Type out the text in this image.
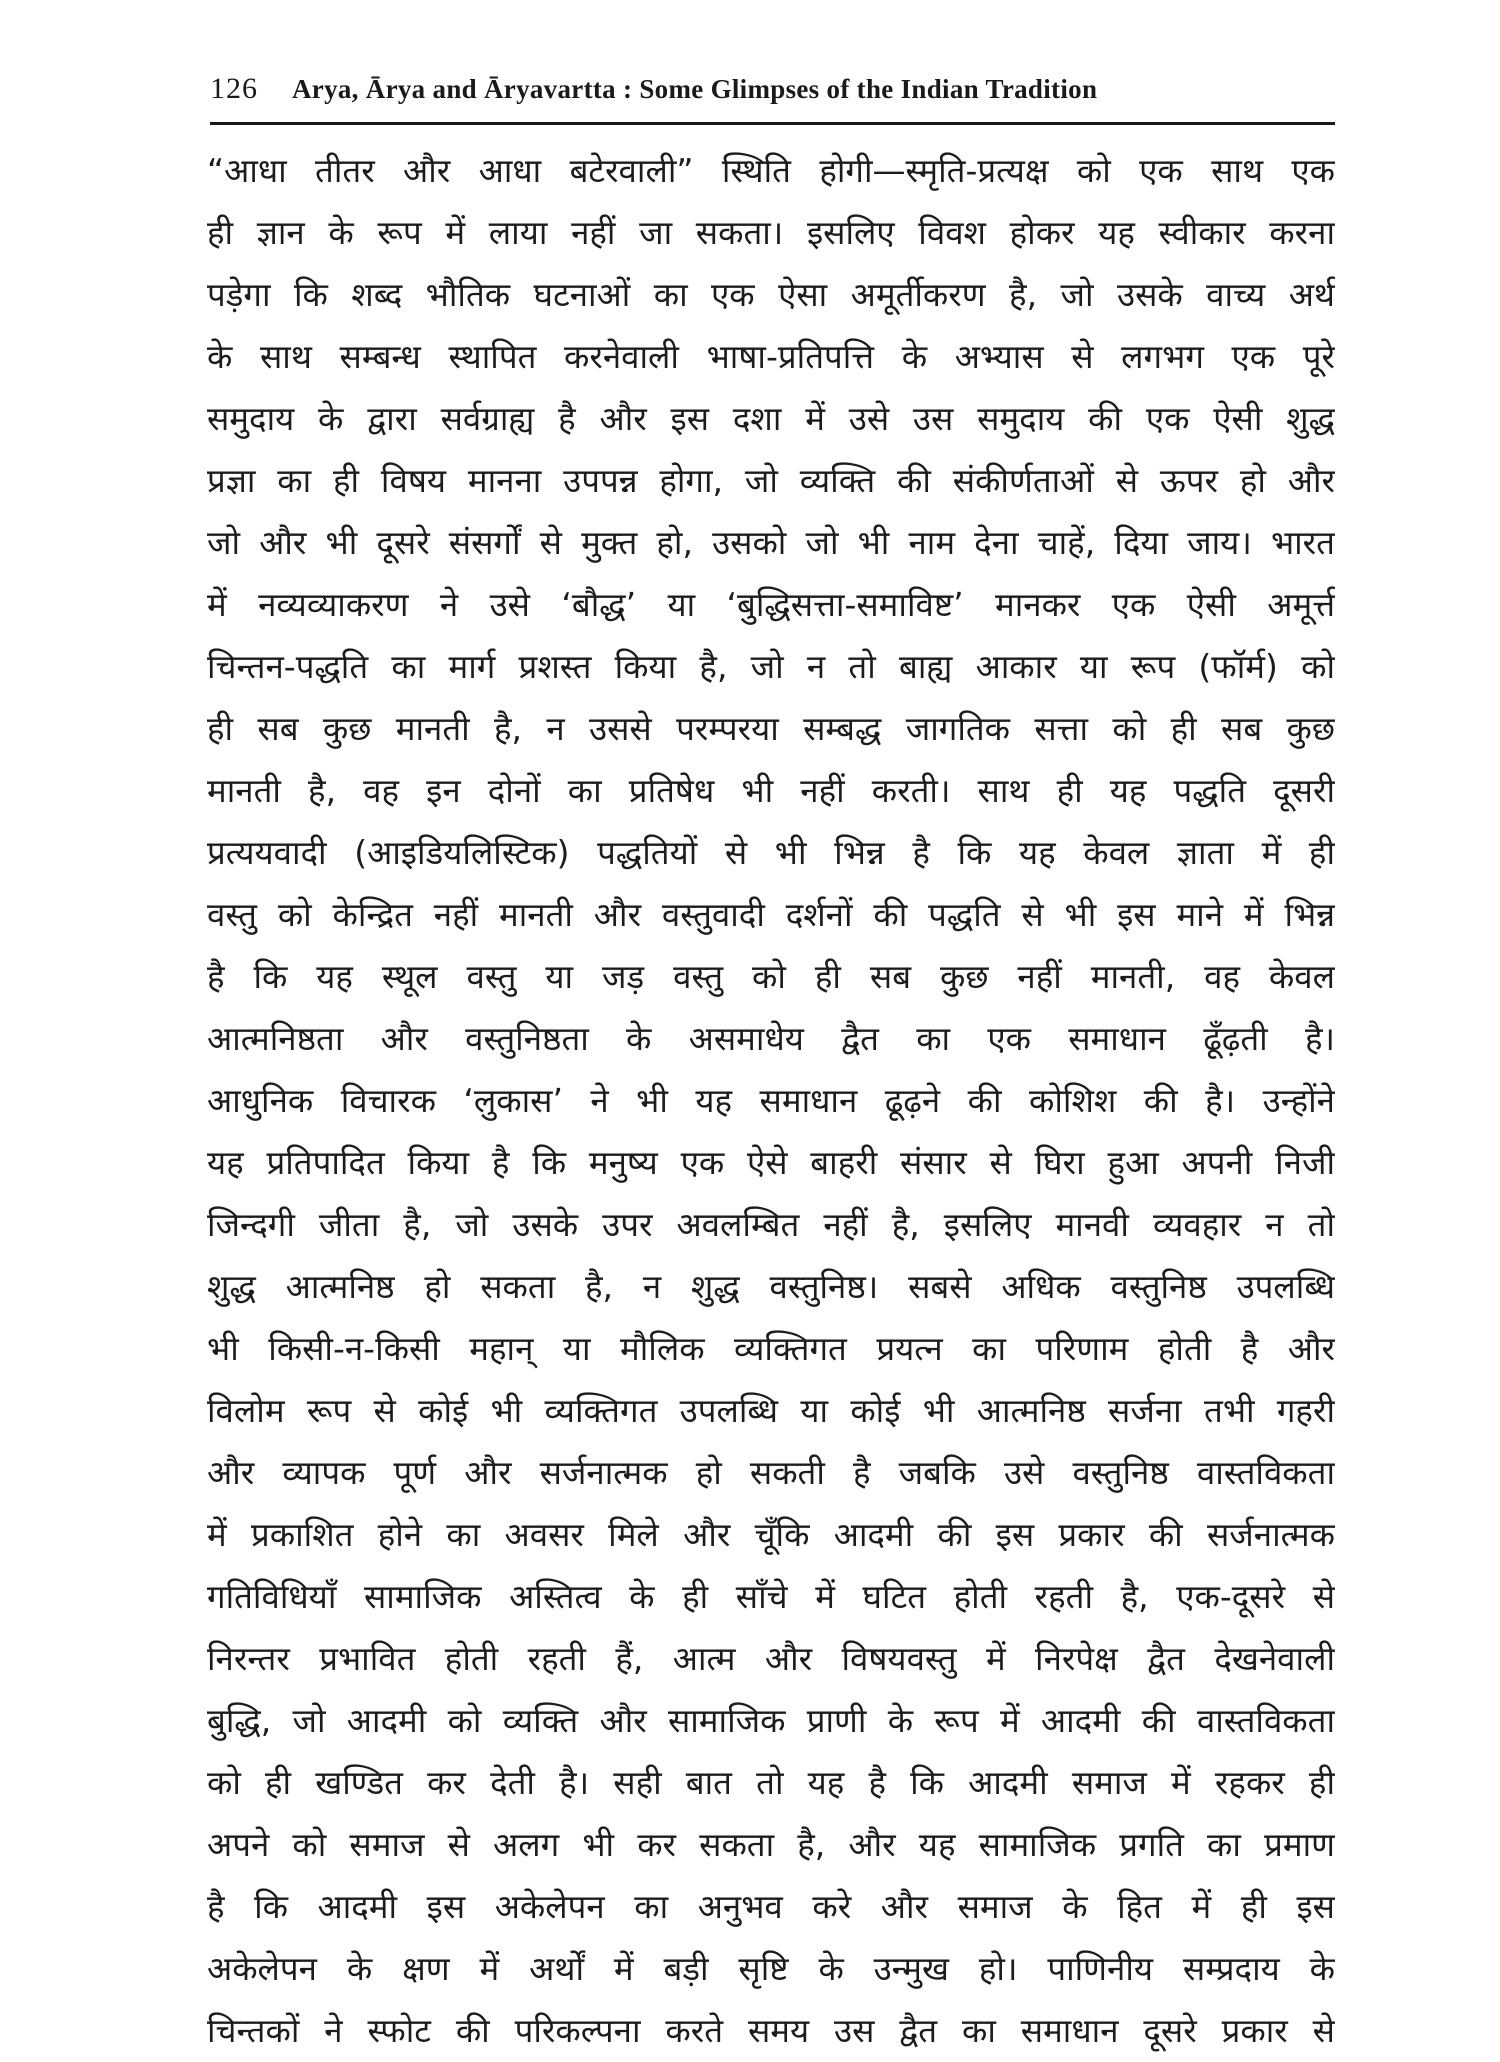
126 Arya, Ārya and Āryavartta : Some Glimpses of the Indian Tradition
“आधा तीतर और आधा बटेरवाली” स्थिति होगी—स्मृति-प्रत्यक्ष को एक साथ एक
ही ज्ञान के रूप में लाया नहीं जा सकता। इसलिए विवश होकर यह स्वीकार करना
पड़ेगा कि शब्द भौतिक घटनाओं का एक ऐसा अमूर्तीकरण है, जो उसके वाच्य अर्थ
के साथ सम्बन्ध स्थापित करनेवाली भाषा-प्रतिपत्ति के अभ्यास से लगभग एक पूरे
समुदाय के द्वारा सर्वग्राह्य है और इस दशा में उसे उस समुदाय की एक ऐसी शुद्ध
प्रज्ञा का ही विषय मानना उपपन्न होगा, जो व्यक्ति की संकीर्णताओं से ऊपर हो और
जो और भी दूसरे संसर्गों से मुक्त हो, उसको जो भी नाम देना चाहें, दिया जाय। भारत
में नव्यव्याकरण ने उसे ‘बौद्ध’ या ‘बुद्धिसत्ता-समाविष्ट’ मानकर एक ऐसी अमूर्त्त
चिन्तन-पद्धति का मार्ग प्रशस्त किया है, जो न तो बाह्य आकार या रूप (फॉर्म) को
ही सब कुछ मानती है, न उससे परम्परया सम्बद्ध जागतिक सत्ता को ही सब कुछ
मानती है, वह इन दोनों का प्रतिषेध भी नहीं करती। साथ ही यह पद्धति दूसरी
प्रत्ययवादी (आइडियलिस्टिक) पद्धतियों से भी भिन्न है कि यह केवल ज्ञाता में ही
वस्तु को केन्द्रित नहीं मानती और वस्तुवादी दर्शनों की पद्धति से भी इस माने में भिन्न
है कि यह स्थूल वस्तु या जड़ वस्तु को ही सब कुछ नहीं मानती, वह केवल
आत्मनिष्ठता और वस्तुनिष्ठता के असमाधेय द्वैत का एक समाधान ढूँढ़ती है।
आधुनिक विचारक ‘लुकास’ ने भी यह समाधान ढूढ़ने की कोशिश की है। उन्होंने
यह प्रतिपादित किया है कि मनुष्य एक ऐसे बाहरी संसार से घिरा हुआ अपनी निजी
जिन्दगी जीता है, जो उसके उपर अवलम्बित नहीं है, इसलिए मानवी व्यवहार न तो
शुद्ध आत्मनिष्ठ हो सकता है, न शुद्ध वस्तुनिष्ठ। सबसे अधिक वस्तुनिष्ठ उपलब्धि
भी किसी-न-किसी महान् या मौलिक व्यक्तिगत प्रयत्न का परिणाम होती है और
विलोम रूप से कोई भी व्यक्तिगत उपलब्धि या कोई भी आत्मनिष्ठ सर्जना तभी गहरी
और व्यापक पूर्ण और सर्जनात्मक हो सकती है जबकि उसे वस्तुनिष्ठ वास्तविकता
में प्रकाशित होने का अवसर मिले और चूँकि आदमी की इस प्रकार की सर्जनात्मक
गतिविधियाँ सामाजिक अस्तित्व के ही साँचे में घटित होती रहती है, एक-दूसरे से
निरन्तर प्रभावित होती रहती हैं, आत्म और विषयवस्तु में निरपेक्ष द्वैत देखनेवाली
बुद्धि, जो आदमी को व्यक्ति और सामाजिक प्राणी के रूप में आदमी की वास्तविकता
को ही खण्डित कर देती है। सही बात तो यह है कि आदमी समाज में रहकर ही
अपने को समाज से अलग भी कर सकता है, और यह सामाजिक प्रगति का प्रमाण
है कि आदमी इस अकेलेपन का अनुभव करे और समाज के हित में ही इस
अकेलेपन के क्षण में अर्थों में बड़ी सृष्टि के उन्मुख हो। पाणिनीय सम्प्रदाय के
चिन्तकों ने स्फोट की परिकल्पना करते समय उस द्वैत का समाधान दूसरे प्रकार से
